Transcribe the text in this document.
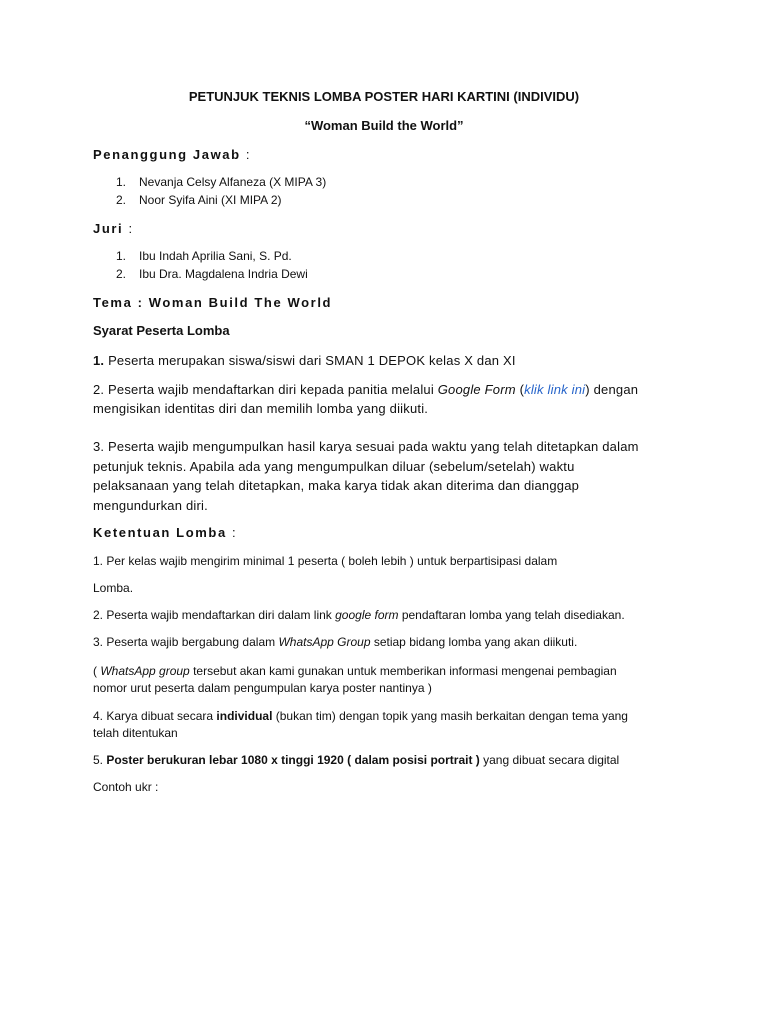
PETUNJUK TEKNIS LOMBA POSTER HARI KARTINI (INDIVIDU)
“Woman Build the World”
Penanggung Jawab :
1. Nevanja Celsy Alfaneza (X MIPA 3)
2. Noor Syifa Aini (XI MIPA 2)
Juri :
1. Ibu Indah Aprilia Sani, S. Pd.
2. Ibu Dra. Magdalena Indria Dewi
Tema : Woman Build The World
Syarat Peserta Lomba
1. Peserta merupakan siswa/siswi dari SMAN 1 DEPOK kelas X dan XI
2. Peserta wajib mendaftarkan diri kepada panitia melalui Google Form (klik link ini) dengan
mengisikan identitas diri dan memilih lomba yang diikuti.
3. Peserta wajib mengumpulkan hasil karya sesuai pada waktu yang telah ditetapkan dalam
petunjuk teknis. Apabila ada yang mengumpulkan diluar (sebelum/setelah) waktu
pelaksanaan yang telah ditetapkan, maka karya tidak akan diterima dan dianggap
mengundurkan diri.
Ketentuan Lomba :
1. Per kelas wajib mengirim minimal 1 peserta ( boleh lebih ) untuk berpartisipasi dalam
Lomba.
2. Peserta wajib mendaftarkan diri dalam link google form pendaftaran lomba yang telah disediakan.
3. Peserta wajib bergabung dalam WhatsApp Group setiap bidang lomba yang akan diikuti.
( WhatsApp group tersebut akan kami gunakan untuk memberikan informasi mengenai pembagian
nomor urut peserta dalam pengumpulan karya poster nantinya )
4. Karya dibuat secara individual (bukan tim) dengan topik yang masih berkaitan dengan tema yang
telah ditentukan
5. Poster berukuran lebar 1080 x tinggi 1920 ( dalam posisi portrait ) yang dibuat secara digital
Contoh ukr :
